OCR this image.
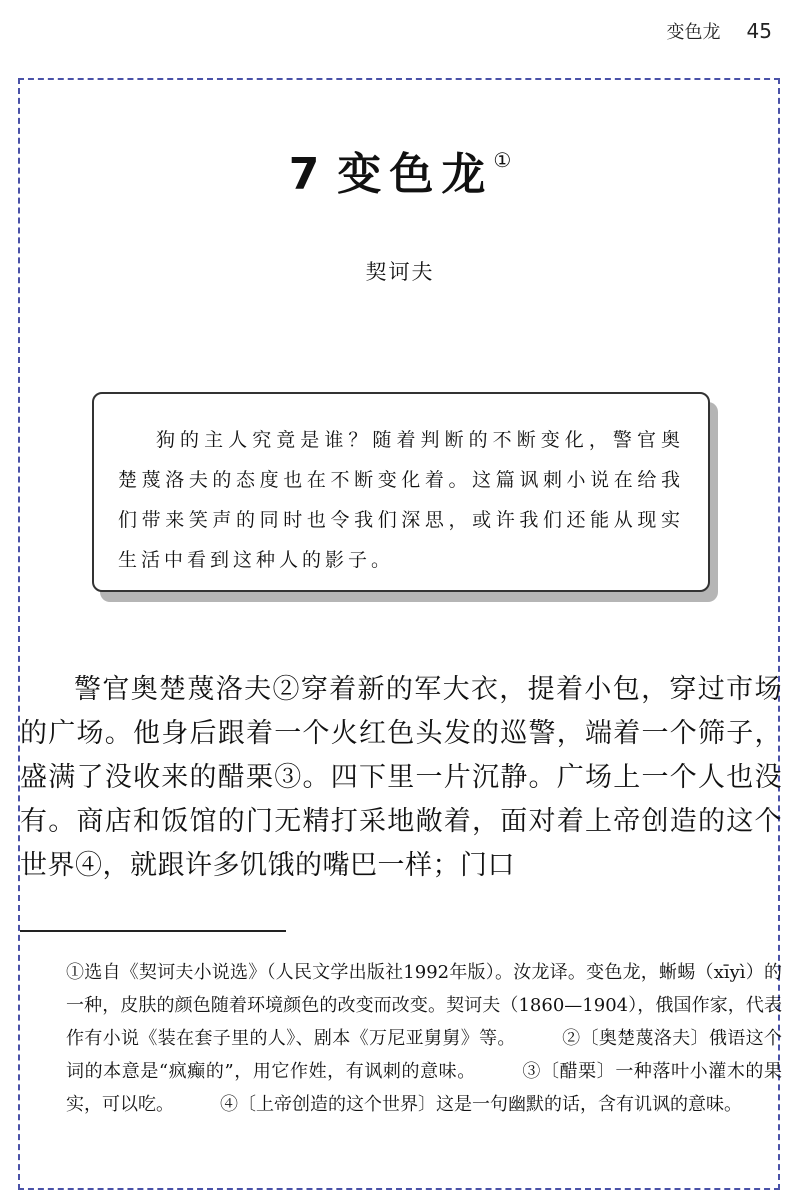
变色龙 45
7 变色龙①
契诃夫

狗的主人究竟是谁？随着判断的不断变化，警官奥楚蔑洛夫的态度也在不断变化着。这篇讽刺小说在给我们带来笑声的同时也令我们深思，或许我们还能从现实生活中看到这种人的影子。

警官奥楚蔑洛夫②穿着新的军大衣，提着小包，穿过市场的广场。他身后跟着一个火红色头发的巡警，端着一个筛子，盛满了没收来的醋栗③。四下里一片沉静。广场上一个人也没有。商店和饭馆的门无精打采地敞着，面对着上帝创造的这个世界④，就跟许多饥饿的嘴巴一样；门口

①选自《契诃夫小说选》（人民文学出版社1992年版）。汝龙译。变色龙，蜥蜴（xīyì）的一种，皮肤的颜色随着环境颜色的改变而改变。契诃夫（1860—1904），俄国作家，代表作有小说《装在套子里的人》、剧本《万尼亚舅舅》等。	②〔奥楚蔑洛夫〕俄语这个词的本意是“疯癫的”，用它作姓，有讽刺的意味。	③〔醋栗〕一种落叶小灌木的果实，可以吃。	④〔上帝创造的这个世界〕这是一句幽默的话，含有讥讽的意味。
